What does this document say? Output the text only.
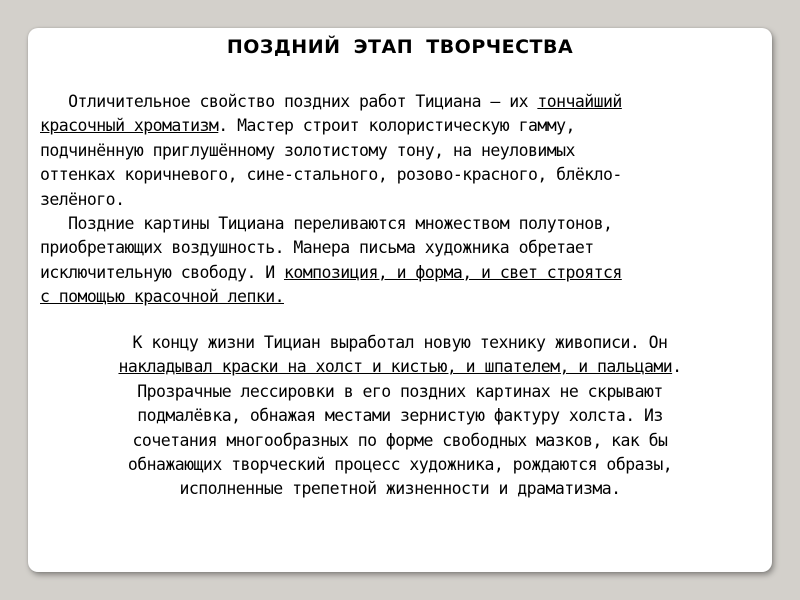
ПОЗДНИЙ ЭТАП ТВОРЧЕСТВА
Отличительное свойство поздних работ Тициана — их тончайший
красочный хроматизм. Мастер строит колористическую гамму,
подчинённую приглушённому золотистому тону, на неуловимых
оттенках коричневого, сине-стального, розово-красного, блёкло-
зелёного.
Поздние картины Тициана переливаются множеством полутонов,
приобретающих воздушность. Манера письма художника обретает
исключительную свободу. И композиция, и форма, и свет строятся
с помощью красочной лепки.
К концу жизни Тициан выработал новую технику живописи. Он
накладывал краски на холст и кистью, и шпателем, и пальцами.
Прозрачные лессировки в его поздних картинах не скрывают
подмалёвка, обнажая местами зернистую фактуру холста. Из
сочетания многообразных по форме свободных мазков, как бы
обнажающих творческий процесс художника, рождаются образы,
исполненные трепетной жизненности и драматизма.
